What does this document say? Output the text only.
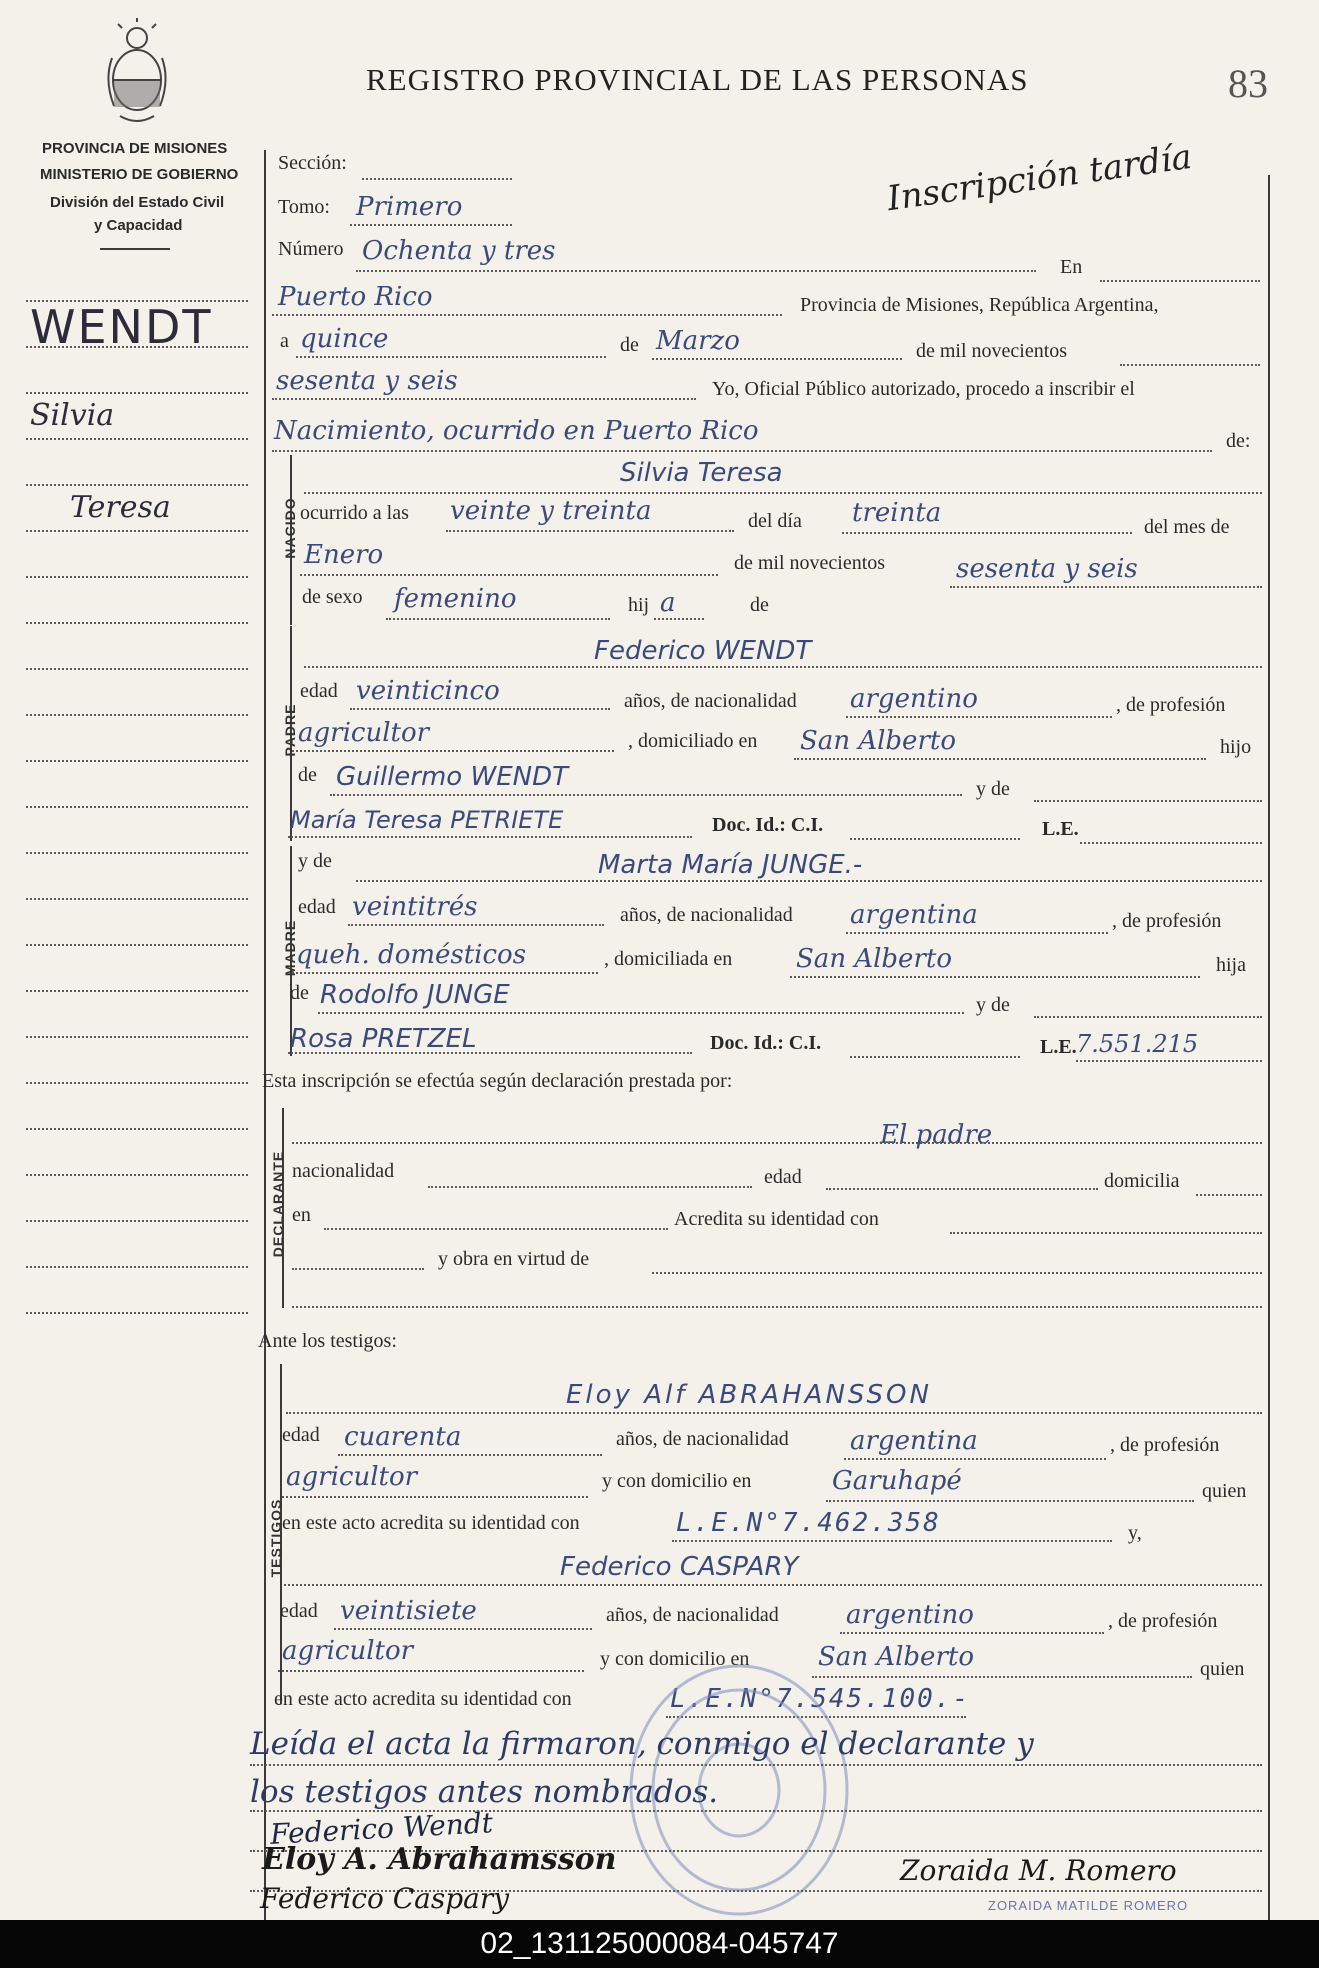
REGISTRO PROVINCIAL DE LAS PERSONAS	83
Inscripción tardía
PROVINCIA DE MISIONES
MINISTERIO DE GOBIERNO
División del Estado Civil
y Capacidad
WENDT
Silvia
Teresa
Sección:
Tomo: Primero
Número Ochenta y tres
En
Puerto Rico	Provincia de Misiones, República Argentina,
a quince	de Marzo	de mil novecientos
sesenta y seis	Yo, Oficial Público autorizado, procedo a inscribir el
Nacimiento, ocurrido en Puerto Rico	de:
NACIDO
Silvia Teresa
ocurrido a las veinte y treinta	del día treinta	del mes de
Enero	de mil novecientos	sesenta y seis
de sexo femenino	hij a	de
PADRE
Federico WENDT
edad veinticinco	años, de nacionalidad argentino	, de profesión
agricultor	, domiciliado en San Alberto	hijo
de Guillermo WENDT	y de
María Teresa PETRIETE	Doc. Id.: C.I.	L.E.
MADRE
y de	Marta María JUNGE.-
edad veintitrés	años, de nacionalidad argentina	, de profesión
queh. domésticos	, domiciliada en San Alberto	hija
de Rodolfo JUNGE	y de
Rosa PRETZEL	Doc. Id.: C.I.	L.E. 7.551.215
Esta inscripción se efectúa según declaración prestada por:
DECLARANTE
El padre
nacionalidad	edad	domicilia
en	Acredita su identidad con
y obra en virtud de
Ante los testigos:
TESTIGOS
Eloy Alf ABRAHANSSON
edad cuarenta	años, de nacionalidad argentina	, de profesión
agricultor	y con domicilio en	Garuhapé	quien
en este acto acredita su identidad con	L.E.N°7.462.358	y,
Federico CASPARY
edad veintisiete	años, de nacionalidad	argentino	, de profesión
agricultor	y con domicilio en	San Alberto	quien
en este acto acredita su identidad con	L.E.N°7.545.100.-
Leída el acta la firmaron, conmigo el declarante y
los testigos antes nombrados.
Federico Wendt
Eloy A. Abrahamsson
Federico Caspary
Zoraida M. Romero
ZORAIDA MATILDE ROMERO
02_131125000084-045747
